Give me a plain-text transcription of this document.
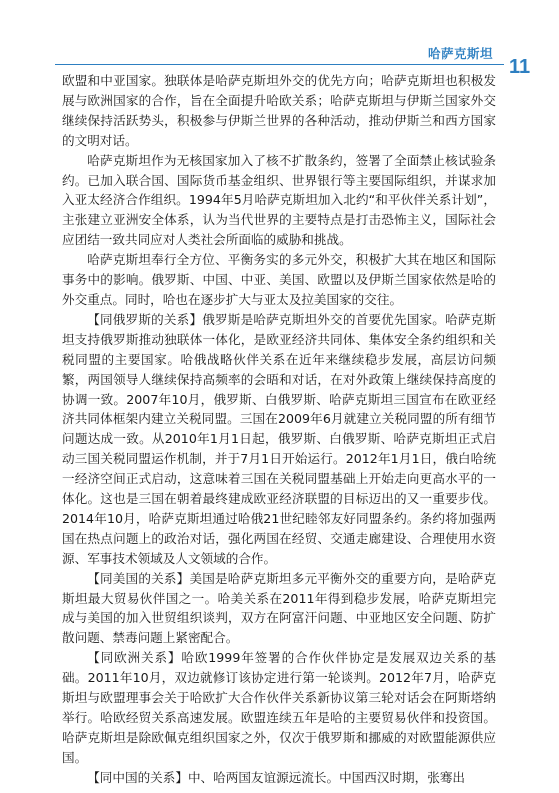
哈萨克斯坦
11

欧盟和中亚国家。独联体是哈萨克斯坦外交的优先方向；哈萨克斯坦也积极发展与欧洲国家的合作，旨在全面提升哈欧关系；哈萨克斯坦与伊斯兰国家外交继续保持活跃势头，积极参与伊斯兰世界的各种活动，推动伊斯兰和西方国家的文明对话。

哈萨克斯坦作为无核国家加入了核不扩散条约，签署了全面禁止核试验条约。已加入联合国、国际货币基金组织、世界银行等主要国际组织，并谋求加入亚太经济合作组织。1994年5月哈萨克斯坦加入北约“和平伙伴关系计划”，主张建立亚洲安全体系，认为当代世界的主要特点是打击恐怖主义，国际社会应团结一致共同应对人类社会所面临的威胁和挑战。

哈萨克斯坦奉行全方位、平衡务实的多元外交，积极扩大其在地区和国际事务中的影响。俄罗斯、中国、中亚、美国、欧盟以及伊斯兰国家依然是哈的外交重点。同时，哈也在逐步扩大与亚太及拉美国家的交往。

【同俄罗斯的关系】俄罗斯是哈萨克斯坦外交的首要优先国家。哈萨克斯坦支持俄罗斯推动独联体一体化，是欧亚经济共同体、集体安全条约组织和关税同盟的主要国家。哈俄战略伙伴关系在近年来继续稳步发展，高层访问频繁，两国领导人继续保持高频率的会晤和对话，在对外政策上继续保持高度的协调一致。2007年10月，俄罗斯、白俄罗斯、哈萨克斯坦三国宣布在欧亚经济共同体框架内建立关税同盟。三国在2009年6月就建立关税同盟的所有细节问题达成一致。从2010年1月1日起，俄罗斯、白俄罗斯、哈萨克斯坦正式启动三国关税同盟运作机制，并于7月1日开始运行。2012年1月1日，俄白哈统一经济空间正式启动，这意味着三国在关税同盟基础上开始走向更高水平的一体化。这也是三国在朝着最终建成欧亚经济联盟的目标迈出的又一重要步伐。2014年10月，哈萨克斯坦通过哈俄21世纪睦邻友好同盟条约。条约将加强两国在热点问题上的政治对话，强化两国在经贸、交通走廊建设、合理使用水资源、军事技术领域及人文领域的合作。

【同美国的关系】美国是哈萨克斯坦多元平衡外交的重要方向，是哈萨克斯坦最大贸易伙伴国之一。哈美关系在2011年得到稳步发展，哈萨克斯坦完成与美国的加入世贸组织谈判，双方在阿富汗问题、中亚地区安全问题、防扩散问题、禁毒问题上紧密配合。

【同欧洲关系】哈欧1999年签署的合作伙伴协定是发展双边关系的基础。2011年10月，双边就修订该协定进行第一轮谈判。2012年7月，哈萨克斯坦与欧盟理事会关于哈欧扩大合作伙伴关系新协议第三轮对话会在阿斯塔纳举行。哈欧经贸关系高速发展。欧盟连续五年是哈的主要贸易伙伴和投资国。哈萨克斯坦是除欧佩克组织国家之外，仅次于俄罗斯和挪威的对欧盟能源供应国。

【同中国的关系】中、哈两国友谊源远流长。中国西汉时期，张骞出
